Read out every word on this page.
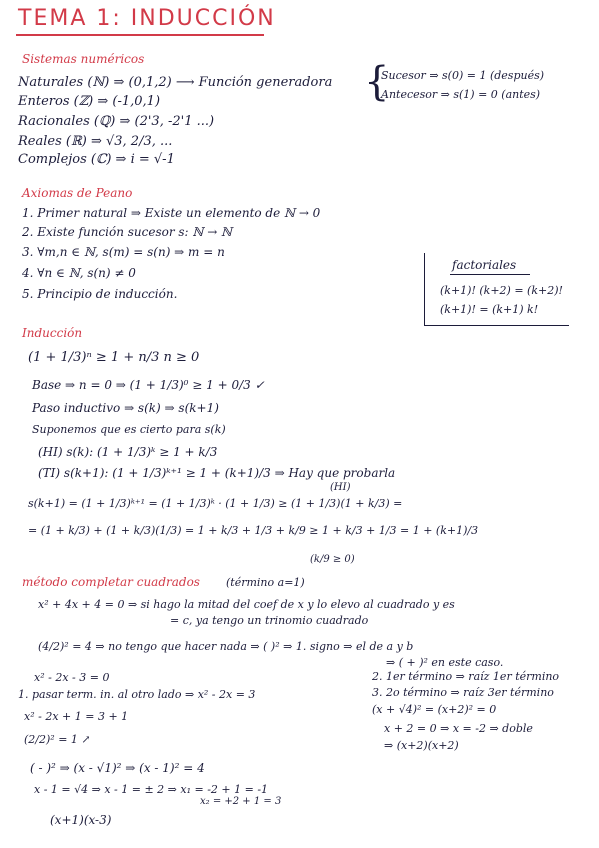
TEMA 1: INDUCCIÓN
Sistemas numéricos
Naturales (ℕ) ⇒ (0,1,2) ⟶ Función generadora
Enteros (ℤ) ⇒ (-1,0,1)
Racionales (ℚ) ⇒ (2'3, -2'1 ...)
Reales (ℝ) ⇒ √3, 2/3, ...
Complejos (ℂ) ⇒ i = √-1
{
Sucesor ⇒ s(0) = 1 (después)
Antecesor ⇒ s(1) = 0 (antes)
Axiomas de Peano
1. Primer natural ⇒ Existe un elemento de ℕ → 0
2. Existe función sucesor s: ℕ → ℕ
3. ∀m,n ∈ ℕ, s(m) = s(n) ⇒ m = n
4. ∀n ∈ ℕ, s(n) ≠ 0
5. Principio de inducción.
factoriales
(k+1)! (k+2) = (k+2)!
(k+1)! = (k+1) k!
Inducción
(1 + 1/3)ⁿ ≥ 1 + n/3 n ≥ 0
Base ⇒ n = 0 ⇒ (1 + 1/3)⁰ ≥ 1 + 0/3 ✓
Paso inductivo ⇒ s(k) ⇒ s(k+1)
Suponemos que es cierto para s(k)
(HI) s(k): (1 + 1/3)ᵏ ≥ 1 + k/3
(TI) s(k+1): (1 + 1/3)ᵏ⁺¹ ≥ 1 + (k+1)/3 ⇒ Hay que probarla
(HI)
s(k+1) = (1 + 1/3)ᵏ⁺¹ = (1 + 1/3)ᵏ · (1 + 1/3) ≥ (1 + 1/3)(1 + k/3) =
= (1 + k/3) + (1 + k/3)(1/3) = 1 + k/3 + 1/3 + k/9 ≥ 1 + k/3 + 1/3 = 1 + (k+1)/3
(k/9 ≥ 0)
método completar cuadrados (término a=1)
x² + 4x + 4 = 0 ⇒ si hago la mitad del coef de x y lo elevo al cuadrado y es
= c, ya tengo un trinomio cuadrado
(4/2)² = 4 ⇒ no tengo que hacer nada ⇒ ( )² ⇒ 1. signo ⇒ el de a y b
⇒ ( + )² en este caso.
2. 1er término ⇒ raíz 1er término
3. 2o término ⇒ raíz 3er término
(x + √4)² = (x+2)² = 0
x + 2 = 0 ⇒ x = -2 ⇒ doble
⇒ (x+2)(x+2)
x² - 2x - 3 = 0
1. pasar term. in. al otro lado ⇒ x² - 2x = 3
x² - 2x + 1 = 3 + 1
(2/2)² = 1 ↗
( - )² ⇒ (x - √1)² ⇒ (x - 1)² = 4
x - 1 = √4 ⇒ x - 1 = ± 2 ⇒ x₁ = -2 + 1 = -1
x₂ = +2 + 1 = 3
(x+1)(x-3)
